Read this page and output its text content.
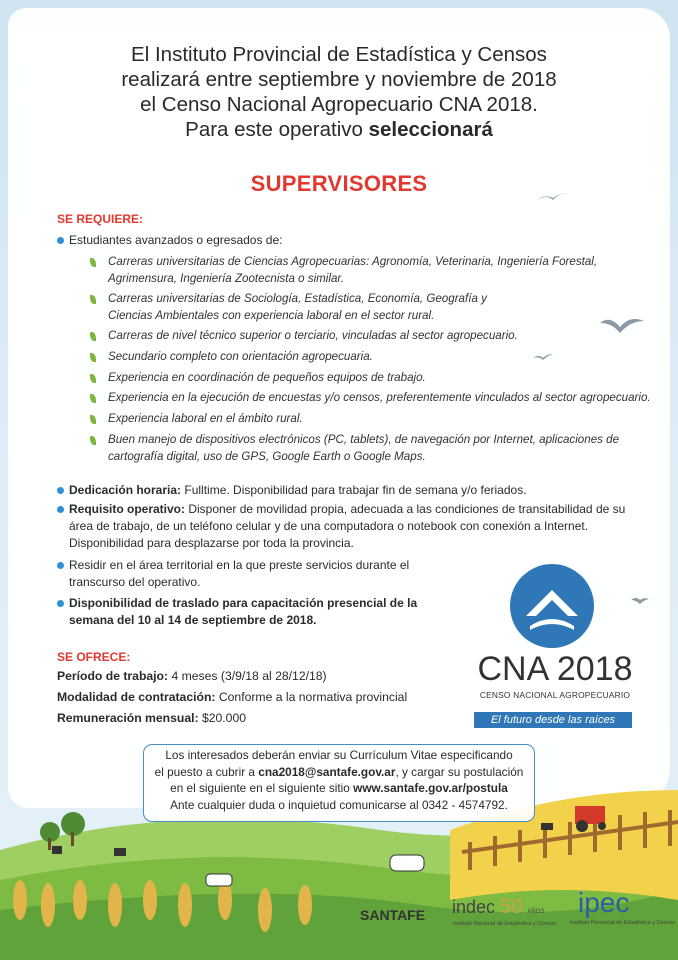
El Instituto Provincial de Estadística y Censos
realizará entre septiembre y noviembre de 2018
el Censo Nacional Agropecuario CNA 2018.
Para este operativo seleccionará
SUPERVISORES
SE REQUIERE:
Estudiantes avanzados o egresados de:
Carreras universitarias de Ciencias Agropecuarias: Agronomía, Veterinaria, Ingeniería Forestal,
Agrimensura, Ingeniería Zootecnista o similar.
Carreras universitarias de Sociología, Estadística, Economía, Geografía y
Ciencias Ambientales con experiencia laboral en el sector rural.
Carreras de nivel técnico superior o terciario, vinculadas al sector agropecuario.
Secundario completo con orientación agropecuaria.
Experiencia en coordinación de pequeños equipos de trabajo.
Experiencia en la ejecución de encuestas y/o censos, preferentemente vinculados al sector agropecuario.
Experiencia laboral en el ámbito rural.
Buen manejo de dispositivos electrónicos (PC, tablets), de navegación por Internet, aplicaciones de
cartografía digital, uso de GPS, Google Earth o Google Maps.
Dedicación horaria: Fulltime. Disponibilidad para trabajar fin de semana y/o feriados.
Requisito operativo: Disponer de movilidad propia, adecuada a las condiciones de transitabilidad de su
área de trabajo, de un teléfono celular y de una computadora o notebook con conexión a Internet.
Disponibilidad para desplazarse por toda la provincia.
Residir en el área territorial en la que preste servicios durante el
transcurso del operativo.
Disponibilidad de traslado para capacitación presencial de la
semana del 10 al 14 de septiembre de 2018.
SE OFRECE:
Período de trabajo: 4 meses (3/9/18 al 28/12/18)
Modalidad de contratación: Conforme a la normativa provincial
Remuneración mensual: $20.000
CNA 2018
CENSO NACIONAL AGROPECUARIO
El futuro desde las raíces
Los interesados deberán enviar su Currículum Vitae especificando
el puesto a cubrir a cna2018@santafe.gov.ar, y cargar su postulación
en el siguiente en el siguiente sitio www.santafe.gov.ar/postula
Ante cualquier duda o inquietud comunicarse al 0342 - 4574792.
SANTAFE indec 50 AÑOS
Instituto Nacional de Estadística y Censos
ipec
Instituto Provincial de Estadística y Censos
